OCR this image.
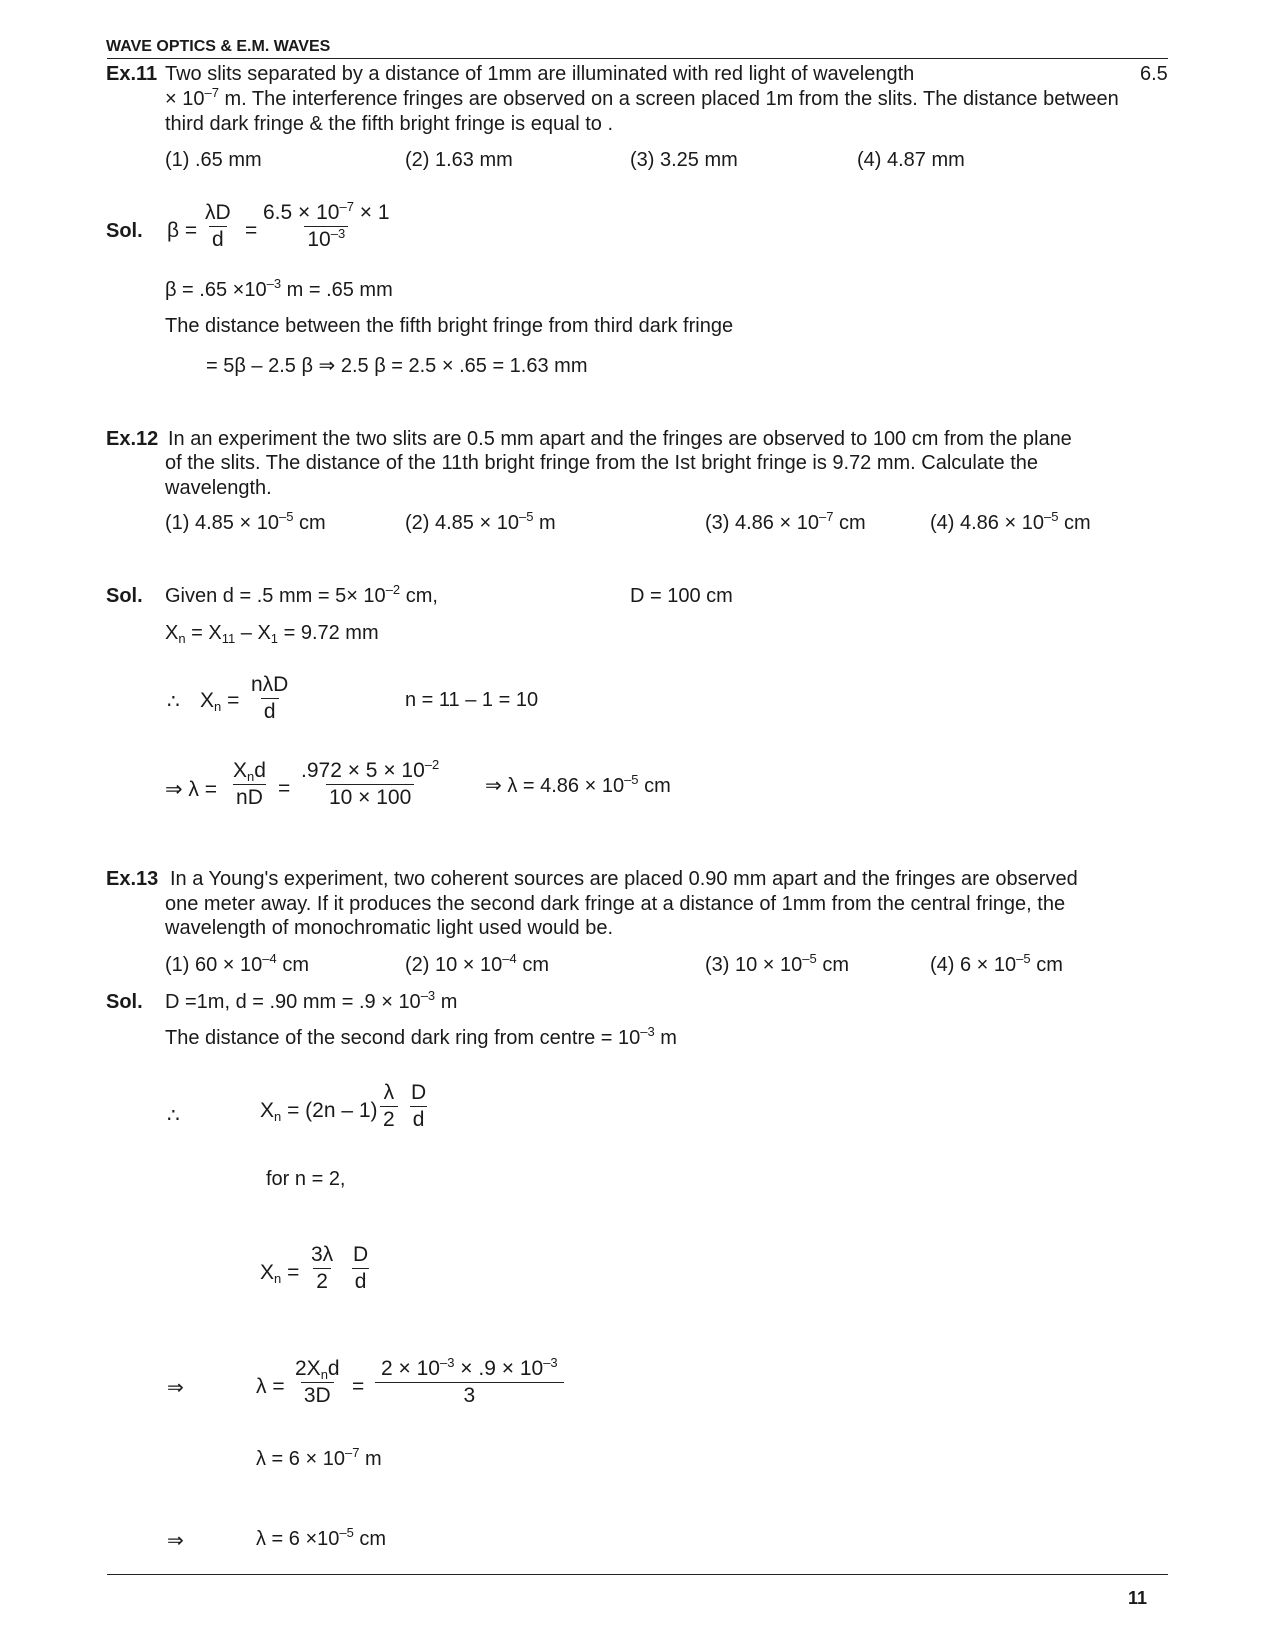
WAVE OPTICS & E.M. WAVES
Ex.11 Two slits separated by a distance of 1mm are illuminated with red light of wavelength	6.5
× $10^{-7}$ m. The interference fringes are observed on a screen placed 1m from the slits. The distance between
third dark fringe & the fifth bright fringe is equal to .
(1) .65 mm	(2) 1.63 mm	(3) 3.25 mm	(4) 4.87 mm
Sol. $\beta = \frac{\lambda D}{d} = \frac{6.5 \times 10^{-7} \times 1}{10^{-3}}$
$\beta = .65 \times 10^{-3}$ m = .65 mm
The distance between the fifth bright fringe from third dark fringe
= 5β – 2.5 β ⇒ 2.5 β = 2.5 × .65 = 1.63 mm
Ex.12 In an experiment the two slits are 0.5 mm apart and the fringes are observed to 100 cm from the plane
of the slits. The distance of the 11th bright fringe from the Ist bright fringe is 9.72 mm. Calculate the
wavelength.
(1) $4.85 \times 10^{-5}$ cm	(2) $4.85 \times 10^{-5}$ m	(3) $4.86 \times 10^{-7}$ cm	(4) $4.86 \times 10^{-5}$ cm
Sol. Given d = .5 mm = $5\times 10^{-2}$ cm,	D = 100 cm
$X_n = X_{11} - X_1 = 9.72$ mm
∴ $X_n$ =
nλD
d	n = 11 – 1 = 10
⇒ λ =
$X_nd$
nD = $\frac{.972 \times 5 \times 10^{-2}}{10 \times 100}$ ⇒ $\lambda = 4.86 \times 10^{-5}$ cm
Ex.13 In a Young's experiment, two coherent sources are placed 0.90 mm apart and the fringes are observed
one meter away. If it produces the second dark fringe at a distance of 1mm from the central fringe, the
wavelength of monochromatic light used would be.
(1) $60 \times 10^{-4}$ cm	(2) $10 \times 10^{-4}$ cm	(3) $10 \times 10^{-5}$ cm	(4) $6 \times 10^{-5}$ cm
Sol. D =1m, d = .90 mm = $.9 \times 10^{-3}$ m
The distance of the second dark ring from centre = $10^{-3}$ m
∴	$X_n = (2n - 1) \frac{\lambda}{2} \frac{D}{d}$
for n = 2,
$X_n = \frac{3\lambda}{2} \frac{D}{d}$
⇒	λ =
$2X_nd$
$3D = \frac{2 \times 10^{-3} \times .9 \times 10^{-3}}{3}$
$\lambda = 6 \times 10^{-7}$ m
⇒	$\lambda = 6 \times 10^{-5}$ cm
11
